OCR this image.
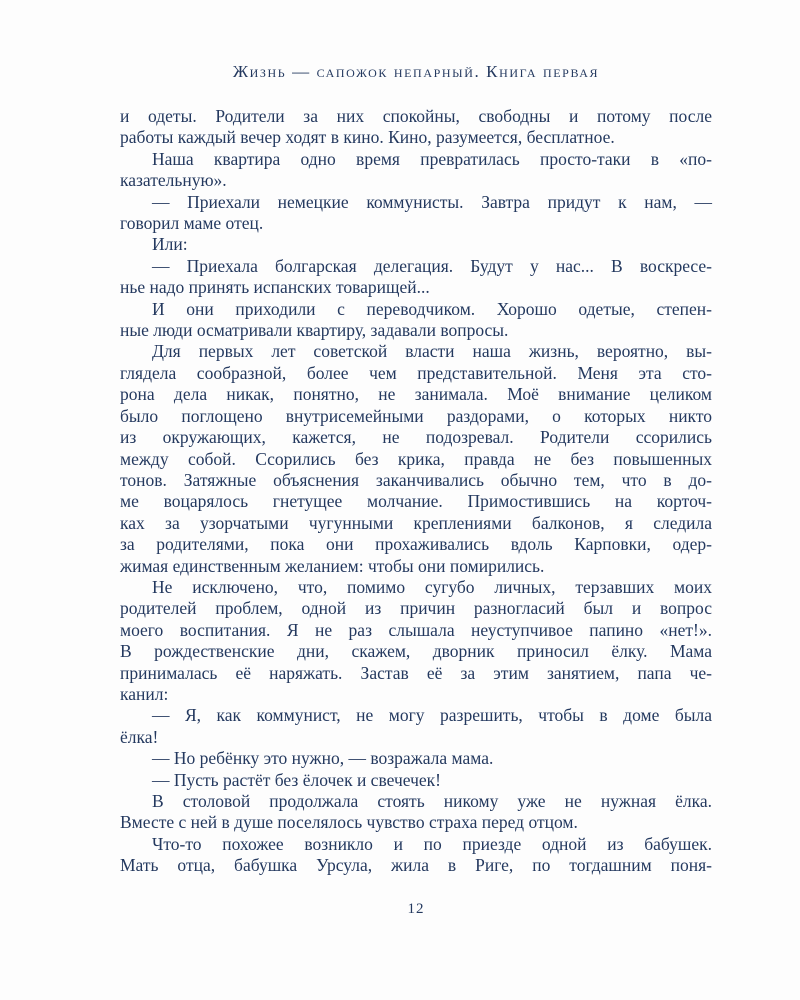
Жизнь — сапожок непарный. Книга первая
и одеты. Родители за них спокойны, свободны и потому после
работы каждый вечер ходят в кино. Кино, разумеется, бесплатное.
Наша квартира одно время превратилась просто-таки в «по-
казательную».
— Приехали немецкие коммунисты. Завтра придут к нам, —
говорил маме отец.
Или:
— Приехала болгарская делегация. Будут у нас... В воскресе-
нье надо принять испанских товарищей...
И они приходили с переводчиком. Хорошо одетые, степен-
ные люди осматривали квартиру, задавали вопросы.
Для первых лет советской власти наша жизнь, вероятно, вы-
глядела сообразной, более чем представительной. Меня эта сто-
рона дела никак, понятно, не занимала. Моё внимание целиком
было поглощено внутрисемейными раздорами, о которых никто
из окружающих, кажется, не подозревал. Родители ссорились
между собой. Ссорились без крика, правда не без повышенных
тонов. Затяжные объяснения заканчивались обычно тем, что в до-
ме воцарялось гнетущее молчание. Примостившись на корточ-
ках за узорчатыми чугунными креплениями балконов, я следила
за родителями, пока они прохаживались вдоль Карповки, одер-
жимая единственным желанием: чтобы они помирились.
Не исключено, что, помимо сугубо личных, терзавших моих
родителей проблем, одной из причин разногласий был и вопрос
моего воспитания. Я не раз слышала неуступчивое папино «нет!».
В рождественские дни, скажем, дворник приносил ёлку. Мама
принималась её наряжать. Застав её за этим занятием, папа че-
канил:
— Я, как коммунист, не могу разрешить, чтобы в доме была
ёлка!
— Но ребёнку это нужно, — возражала мама.
— Пусть растёт без ёлочек и свечечек!
В столовой продолжала стоять никому уже не нужная ёлка.
Вместе с ней в душе поселялось чувство страха перед отцом.
Что-то похожее возникло и по приезде одной из бабушек.
Мать отца, бабушка Урсула, жила в Риге, по тогдашним поня-
12
